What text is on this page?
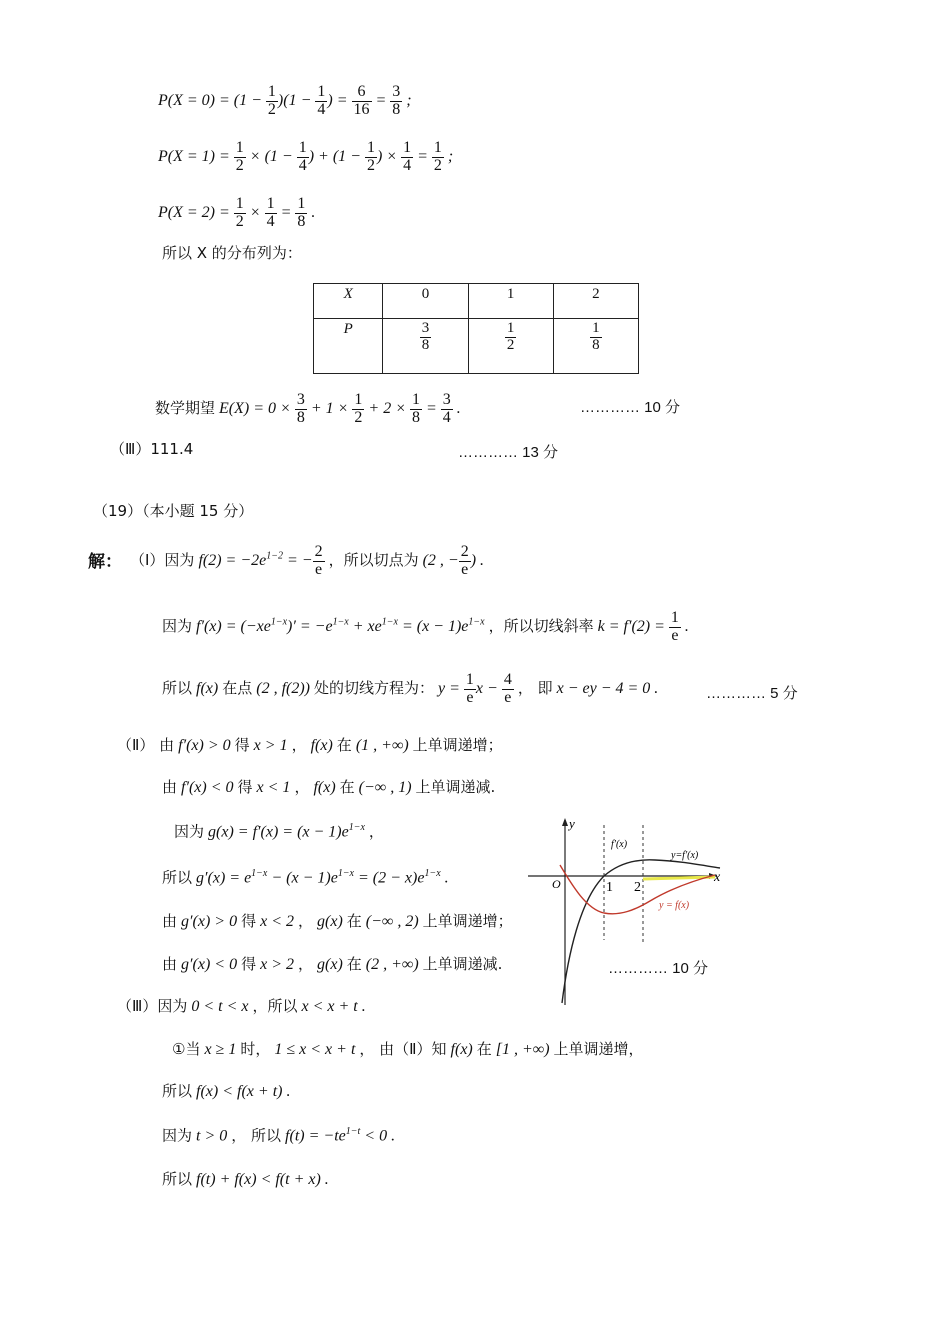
$P(X = 0) = (1 - \frac{1}{2} )(1 - \frac{1}{4}$ ) = $\frac{6}{16} = \frac{3}{8}$ ;
$P(X = 1) = \frac{1}{2} \times (1 - \frac{1}{4}$ ) + ($1 - \frac{1}{2}$ ) × $\frac{1}{4} = \frac{1}{2}$ ;
$P(X = 2) = \frac{1}{2} \times \frac{1}{4} = \frac{1}{8}$ .
所以 X 的分布列为：
X	0	1	2
P	$\frac{3}{8}$	$\frac{1}{2}$	$\frac{1}{8}$
数学期望 $E(X) = 0 \times \frac{3}{8} + 1 \times \frac{1}{2} + 2 \times \frac{1}{8} = \frac{3}{4}$ .	………… 10 分
（Ⅲ）111.4	………… 13 分
（19）（本小题 15 分）
解： （Ⅰ）因为 $f(2) = -2e^{1-2}$ = − $\frac{2}{e}$ ，所以切点为 (2 , − $\frac{2}{e}$ ) .
因为 $f'(x) = (-xe^{1-x})' = -e^{1-x} + xe^{1-x} = (x - 1)e^{1-x}$ ，所以切线斜率 $k = f'(2) = \frac{1}{e}$ .
所以 f(x) 在点 (2 , f(2)) 处的切线方程为： $y = \frac{1}{e}$ $x - \frac{4}{e}$ ， 即 x − ey − 4 = 0 .	………… 5 分
（Ⅱ） 由 f′(x) > 0 得 x > 1 ， f(x) 在 (1 , +∞) 上单调递增；
由 f′(x) < 0 得 x < 1 ， f(x) 在 (−∞ , 1) 上单调递减.
因为 $g(x) = f'(x) = (x - 1)e^{1-x}$ ，
所以 $g'(x) = e^{1-x} - (x - 1)e^{1-x} = (2 - x)e^{1-x}$ .
由 g′(x) > 0 得 x < 2 ， g(x) 在 (−∞ , 2) 上单调递增；
由 g′(x) < 0 得 x > 2 ， g(x) 在 (2 , +∞) 上单调递减.	………… 10 分
y
x
O	1 2
f′(x)
y=f′(x)
y = f(x)
（Ⅲ）因为 0 < t < x ，所以 x < x + t .
①当 x ≥ 1 时， 1 ≤ x < x + t ， 由（Ⅱ）知 f(x) 在 [1 , +∞) 上单调递增，
所以 f(x) < f(x + t) .
因为 t > 0 ， 所以 $f(t) = -te^{1-t} < 0$ .
所以 f(t) + f(x) < f(t + x) .
